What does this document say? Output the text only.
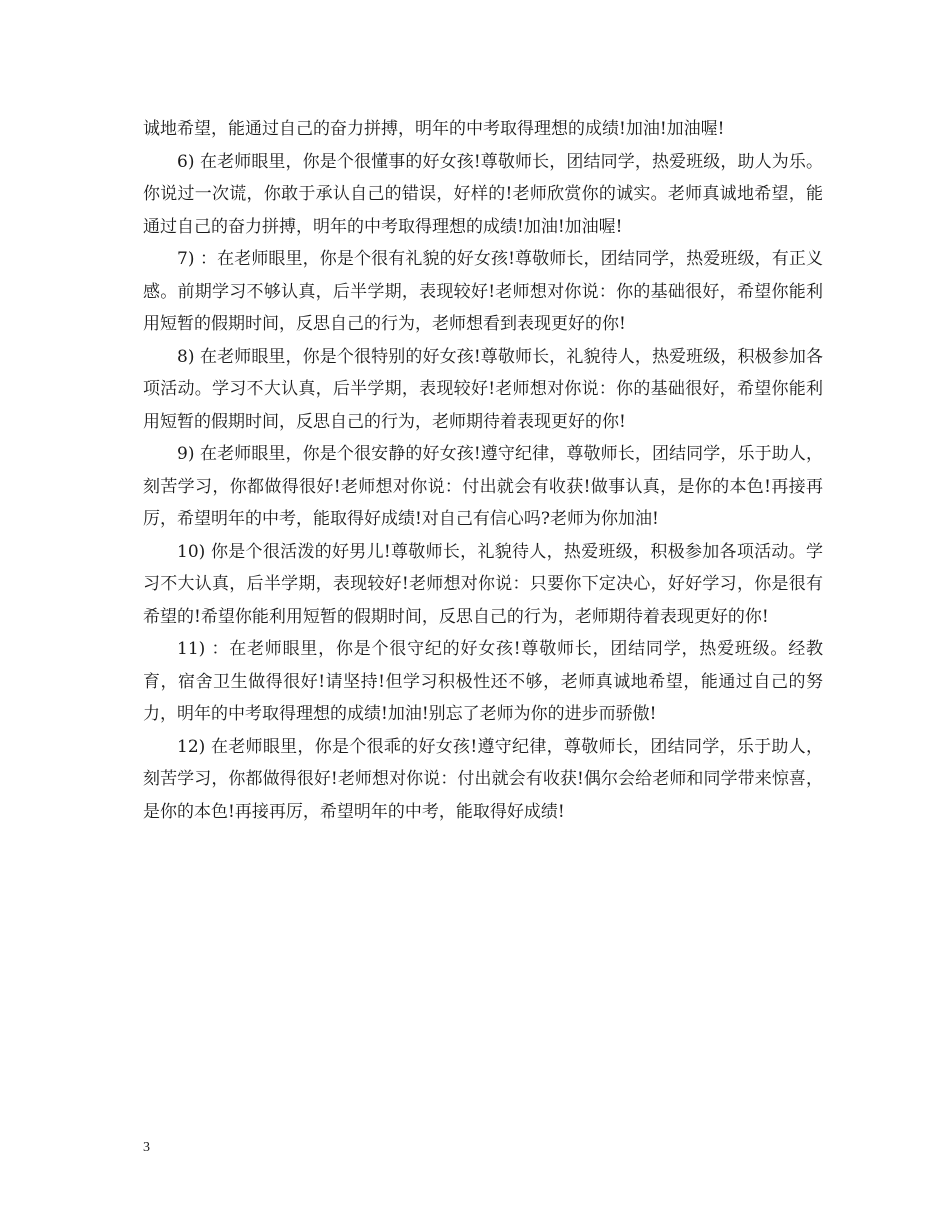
诚地希望，能通过自己的奋力拼搏，明年的中考取得理想的成绩!加油!加油喔!

6) 在老师眼里，你是个很懂事的好女孩!尊敬师长，团结同学，热爱班级，助人为乐。你说过一次谎，你敢于承认自己的错误，好样的!老师欣赏你的诚实。老师真诚地希望，能通过自己的奋力拼搏，明年的中考取得理想的成绩!加油!加油喔!

7) ：在老师眼里，你是个很有礼貌的好女孩!尊敬师长，团结同学，热爱班级，有正义感。前期学习不够认真，后半学期，表现较好!老师想对你说：你的基础很好，希望你能利用短暂的假期时间，反思自己的行为，老师想看到表现更好的你!

8) 在老师眼里，你是个很特别的好女孩!尊敬师长，礼貌待人，热爱班级，积极参加各项活动。学习不大认真，后半学期，表现较好!老师想对你说：你的基础很好，希望你能利用短暂的假期时间，反思自己的行为，老师期待着表现更好的你!

9) 在老师眼里，你是个很安静的好女孩!遵守纪律，尊敬师长，团结同学，乐于助人，刻苦学习，你都做得很好!老师想对你说：付出就会有收获!做事认真，是你的本色!再接再厉，希望明年的中考，能取得好成绩!对自己有信心吗?老师为你加油!

10) 你是个很活泼的好男儿!尊敬师长，礼貌待人，热爱班级，积极参加各项活动。学习不大认真，后半学期，表现较好!老师想对你说：只要你下定决心，好好学习，你是很有希望的!希望你能利用短暂的假期时间，反思自己的行为，老师期待着表现更好的你!

11) ：在老师眼里，你是个很守纪的好女孩!尊敬师长，团结同学，热爱班级。经教育，宿舍卫生做得很好!请坚持!但学习积极性还不够，老师真诚地希望，能通过自己的努力，明年的中考取得理想的成绩!加油!别忘了老师为你的进步而骄傲!

12) 在老师眼里，你是个很乖的好女孩!遵守纪律，尊敬师长，团结同学，乐于助人，刻苦学习，你都做得很好!老师想对你说：付出就会有收获!偶尔会给老师和同学带来惊喜，是你的本色!再接再厉，希望明年的中考，能取得好成绩!

3
